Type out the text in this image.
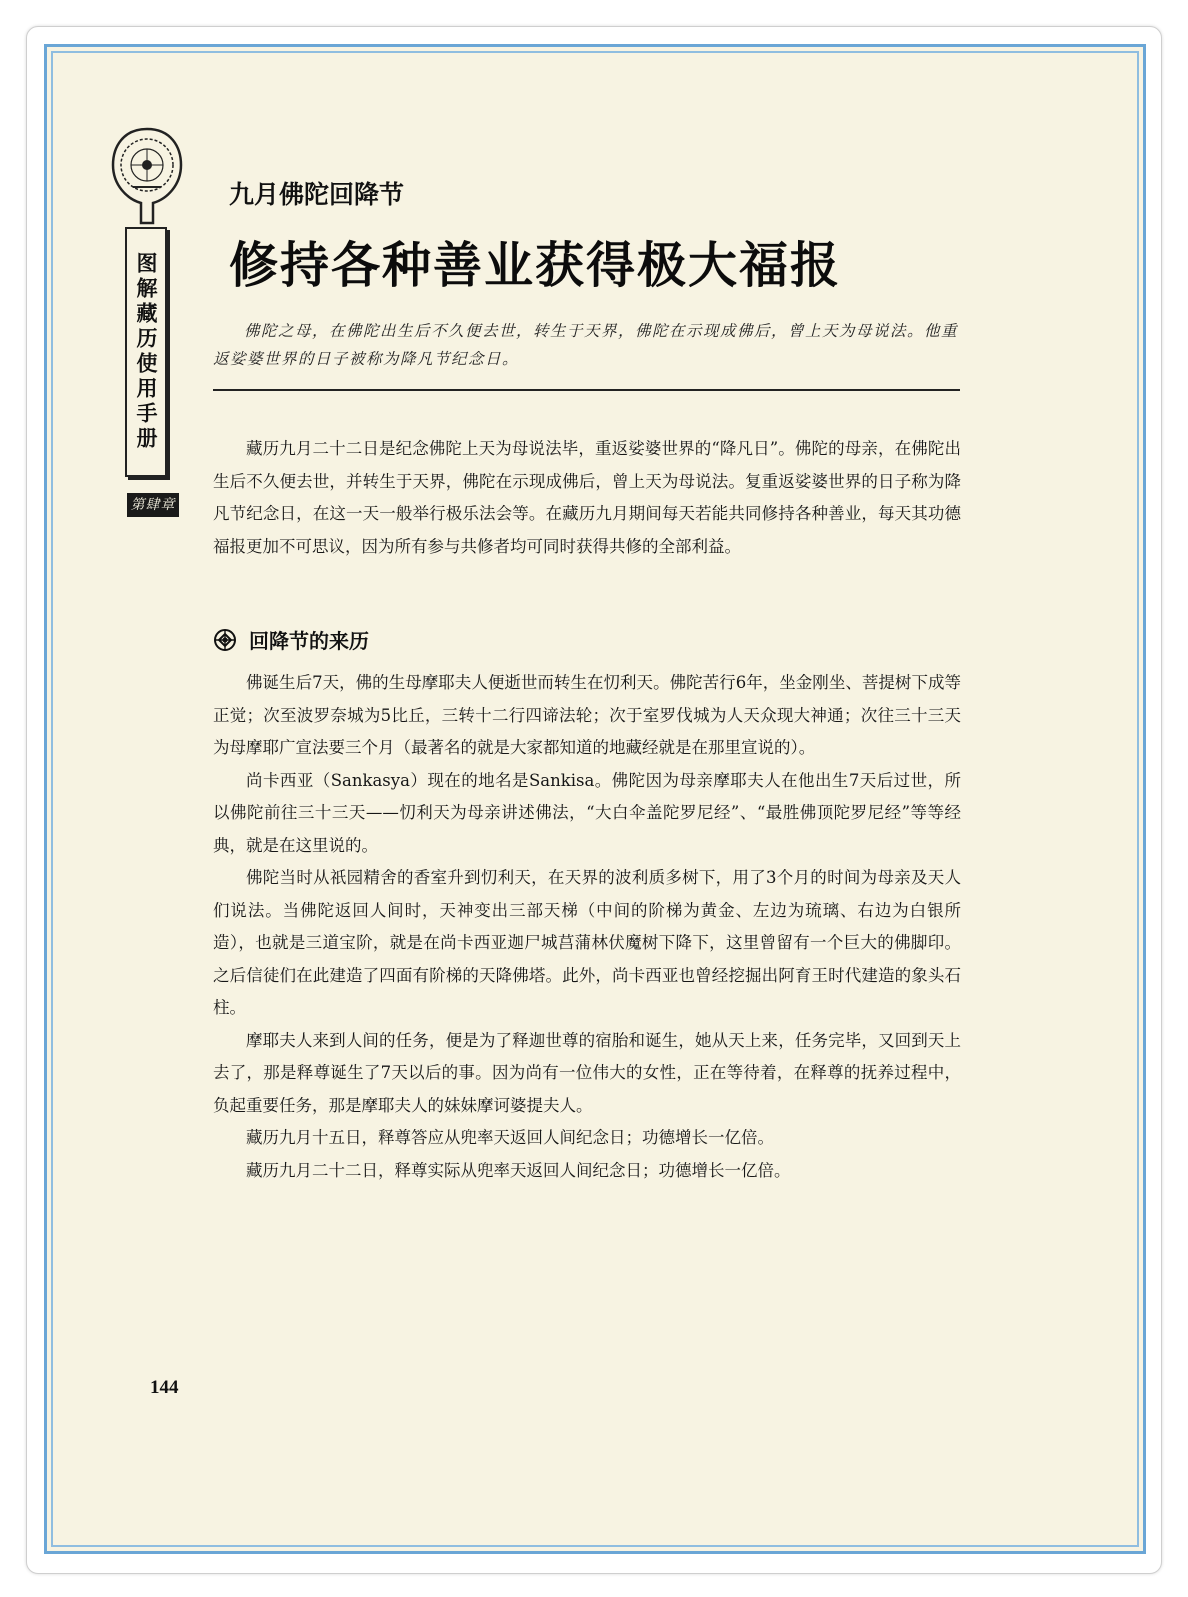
图解藏历使用手册
第肆章
九月佛陀回降节
修持各种善业获得极大福报
佛陀之母，在佛陀出生后不久便去世，转生于天界，佛陀在示现成佛后，曾上天为母说法。他重返娑婆世界的日子被称为降凡节纪念日。

藏历九月二十二日是纪念佛陀上天为母说法毕，重返娑婆世界的“降凡日”。佛陀的母亲，在佛陀出生后不久便去世，并转生于天界，佛陀在示现成佛后，曾上天为母说法。复重返娑婆世界的日子称为降凡节纪念日，在这一天一般举行极乐法会等。在藏历九月期间每天若能共同修持各种善业，每天其功德福报更加不可思议，因为所有参与共修者均可同时获得共修的全部利益。

回降节的来历

佛诞生后7天，佛的生母摩耶夫人便逝世而转生在忉利天。佛陀苦行6年，坐金刚坐、菩提树下成等正觉；次至波罗奈城为5比丘，三转十二行四谛法轮；次于室罗伐城为人天众现大神通；次往三十三天为母摩耶广宣法要三个月（最著名的就是大家都知道的地藏经就是在那里宣说的）。

尚卡西亚（Sankasya）现在的地名是Sankisa。佛陀因为母亲摩耶夫人在他出生7天后过世，所以佛陀前往三十三天——忉利天为母亲讲述佛法，“大白伞盖陀罗尼经”、“最胜佛顶陀罗尼经”等等经典，就是在这里说的。

佛陀当时从祇园精舍的香室升到忉利天，在天界的波利质多树下，用了3个月的时间为母亲及天人们说法。当佛陀返回人间时，天神变出三部天梯（中间的阶梯为黄金、左边为琉璃、右边为白银所造），也就是三道宝阶，就是在尚卡西亚迦尸城莒蒲林伏魔树下降下，这里曾留有一个巨大的佛脚印。之后信徒们在此建造了四面有阶梯的天降佛塔。此外，尚卡西亚也曾经挖掘出阿育王时代建造的象头石柱。

摩耶夫人来到人间的任务，便是为了释迦世尊的宿胎和诞生，她从天上来，任务完毕，又回到天上去了，那是释尊诞生了7天以后的事。因为尚有一位伟大的女性，正在等待着，在释尊的抚养过程中，负起重要任务，那是摩耶夫人的妹妹摩诃婆提夫人。

藏历九月十五日，释尊答应从兜率天返回人间纪念日；功德增长一亿倍。

藏历九月二十二日，释尊实际从兜率天返回人间纪念日；功德增长一亿倍。

144
